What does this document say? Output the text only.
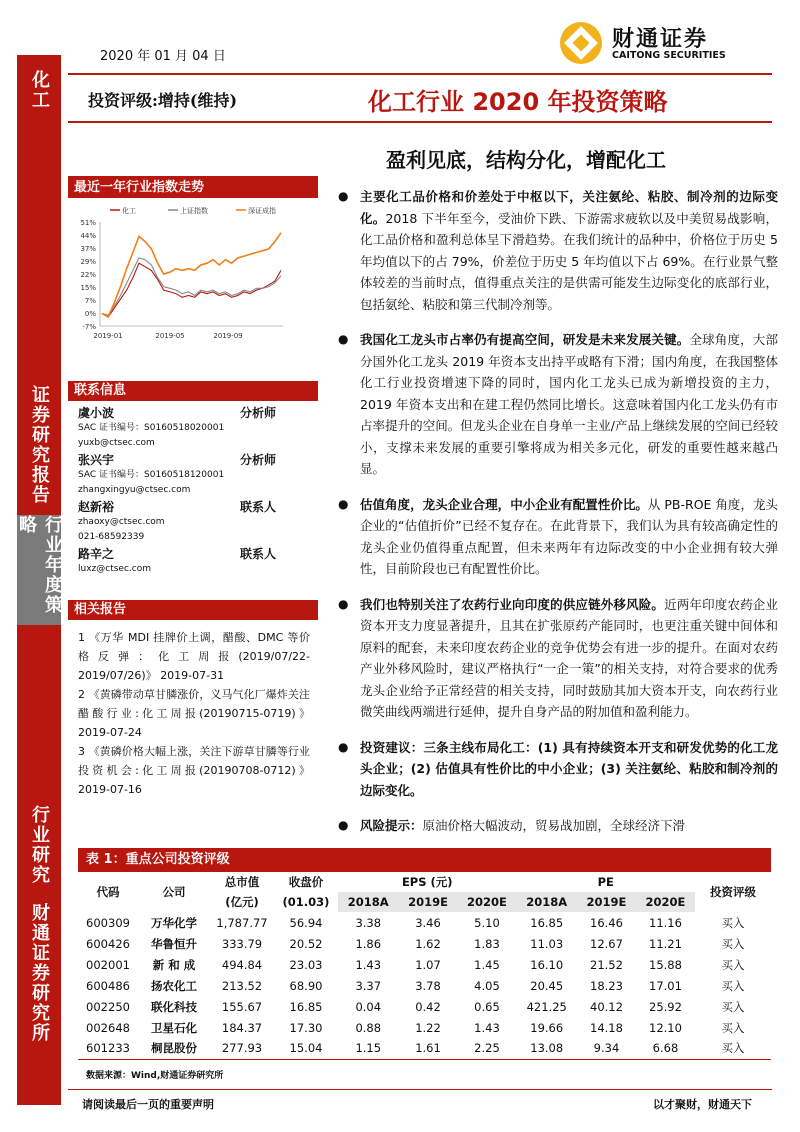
化工
证券研究报告
行业年度策略
行业研究
财通证券研究所
2020 年 01 月 04 日
财通证券
CAITONG SECURITIES
投资评级:增持(维持)	化工行业 2020 年投资策略
盈利见底，结构分化，增配化工
最近一年行业指数走势
51%
44%
37%
29%
22%
15%
7%
0%
-7%
2019-01	2019-05	2019-09
化工	上证指数	深证成指
联系信息
虞小波	分析师
SAC 证书编号：S0160518020001
yuxb@ctsec.com
张兴宇	分析师
SAC 证书编号：S0160518120001
zhangxingyu@ctsec.com
赵新裕	联系人
zhaoxy@ctsec.com
021-68592339
路辛之	联系人
luxz@ctsec.com
相关报告
1 《万华 MDI 挂牌价上调，醋酸、DMC 等价格反弹：化工周报(2019/07/22-2019/07/26)》 2019-07-31
2 《黄磷带动草甘膦涨价，义马气化厂爆炸关注醋酸行业:化工周报(20190715-0719)》 2019-07-24
3 《黄磷价格大幅上涨，关注下游草甘膦等行业投资机会:化工周报(20190708-0712)》 2019-07-16
● 主要化工品价格和价差处于中枢以下，关注氨纶、粘胶、制冷剂的边际变化。2018 下半年至今，受油价下跌、下游需求疲软以及中美贸易战影响，化工品价格和盈利总体呈下滑趋势。在我们统计的品种中，价格位于历史 5 年均值以下的占 79%，价差位于历史 5 年均值以下占 69%。在行业景气整体较差的当前时点，值得重点关注的是供需可能发生边际变化的底部行业，包括氨纶、粘胶和第三代制冷剂等。
● 我国化工龙头市占率仍有提高空间，研发是未来发展关键。全球角度，大部分国外化工龙头 2019 年资本支出持平或略有下滑；国内角度，在我国整体化工行业投资增速下降的同时，国内化工龙头已成为新增投资的主力，2019 年资本支出和在建工程仍然同比增长。这意味着国内化工龙头仍有市占率提升的空间。但龙头企业在自身单一主业/产品上继续发展的空间已经较小，支撑未来发展的重要引擎将成为相关多元化，研发的重要性越来越凸显。
● 估值角度，龙头企业合理，中小企业有配置性价比。从 PB-ROE 角度，龙头企业的“估值折价”已经不复存在。在此背景下，我们认为具有较高确定性的龙头企业仍值得重点配置，但未来两年有边际改变的中小企业拥有较大弹性，目前阶段也已有配置性价比。
● 我们也特别关注了农药行业向印度的供应链外移风险。近两年印度农药企业资本开支力度显著提升，且其在扩张原药产能同时，也更注重关键中间体和原料的配套，未来印度农药企业的竞争优势会有进一步的提升。在面对农药产业外移风险时，建议严格执行“一企一策”的相关支持，对符合要求的优秀龙头企业给予正常经营的相关支持，同时鼓励其加大资本开支，向农药行业微笑曲线两端进行延伸，提升自身产品的附加值和盈利能力。
● 投资建议：三条主线布局化工：(1) 具有持续资本开支和研发优势的化工龙头企业；(2) 估值具有性价比的中小企业；(3) 关注氨纶、粘胶和制冷剂的边际变化。
● 风险提示：原油价格大幅波动，贸易战加剧，全球经济下滑
表 1：重点公司投资评级
代码	公司	总市值	收盘价	EPS (元)			PE			投资评级
		(亿元)	(01.03)	2018A	2019E	2020E	2018A	2019E	2020E	
600309	万华化学	1,787.77	56.94	3.38	3.46	5.10	16.85	16.46	11.16	买入
600426	华鲁恒升	333.79	20.52	1.86	1.62	1.83	11.03	12.67	11.21	买入
002001	新 和 成	494.84	23.03	1.43	1.07	1.45	16.10	21.52	15.88	买入
600486	扬农化工	213.52	68.90	3.37	3.78	4.05	20.45	18.23	17.01	买入
002250	联化科技	155.67	16.85	0.04	0.42	0.65	421.25	40.12	25.92	买入
002648	卫星石化	184.37	17.30	0.88	1.22	1.43	19.66	14.18	12.10	买入
601233	桐昆股份	277.93	15.04	1.15	1.61	2.25	13.08	9.34	6.68	买入
数据来源：Wind,财通证券研究所
请阅读最后一页的重要声明	以才聚财，财通天下
